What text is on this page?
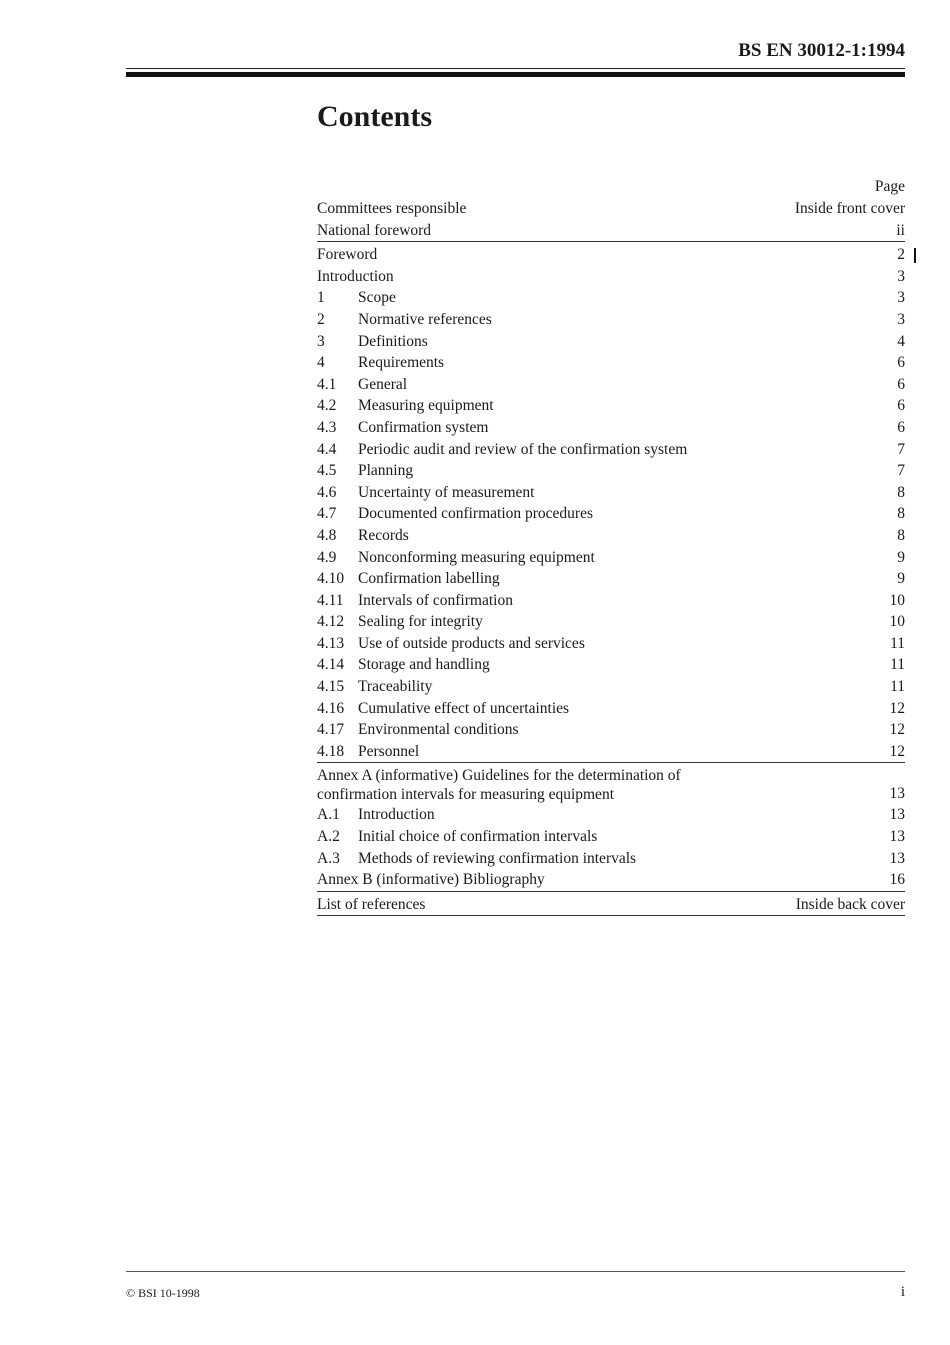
BS EN 30012-1:1994
Contents
Page
Committees responsible	Inside front cover
National foreword	ii
Foreword	2
Introduction	3
1	Scope	3
2	Normative references	3
3	Definitions	4
4	Requirements	6
4.1	General	6
4.2	Measuring equipment	6
4.3	Confirmation system	6
4.4	Periodic audit and review of the confirmation system	7
4.5	Planning	7
4.6	Uncertainty of measurement	8
4.7	Documented confirmation procedures	8
4.8	Records	8
4.9	Nonconforming measuring equipment	9
4.10 Confirmation labelling	9
4.11 Intervals of confirmation	10
4.12 Sealing for integrity	10
4.13 Use of outside products and services	11
4.14 Storage and handling	11
4.15 Traceability	11
4.16 Cumulative effect of uncertainties	12
4.17 Environmental conditions	12
4.18 Personnel	12
Annex A (informative) Guidelines for the determination of
confirmation intervals for measuring equipment	13
A.1	Introduction	13
A.2	Initial choice of confirmation intervals	13
A.3	Methods of reviewing confirmation intervals	13
Annex B (informative) Bibliography	16
List of references	Inside back cover
© BSI 10-1998	i
